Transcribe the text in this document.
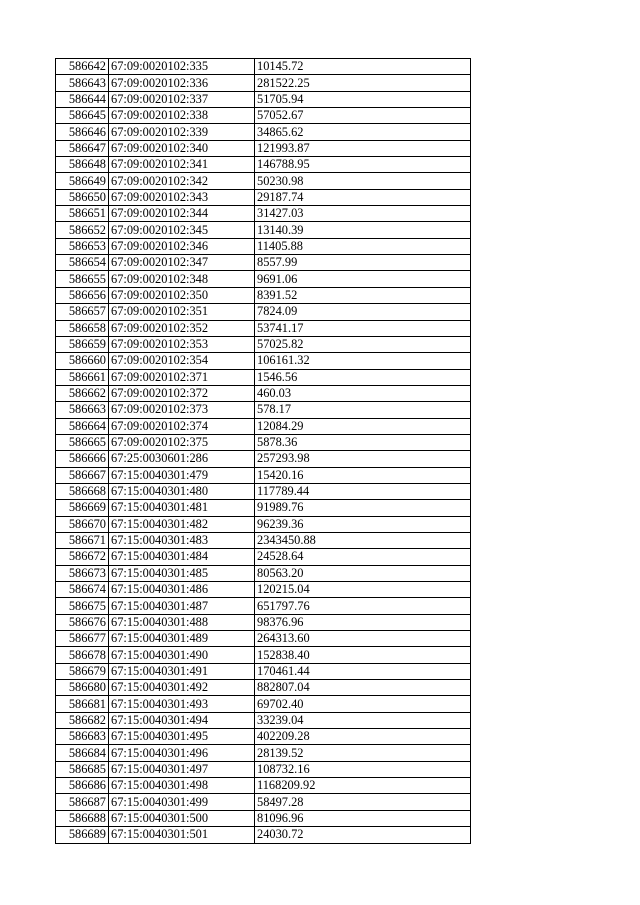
586642	67:09:0020102:335	10145.72
586643	67:09:0020102:336	281522.25
586644	67:09:0020102:337	51705.94
586645	67:09:0020102:338	57052.67
586646	67:09:0020102:339	34865.62
586647	67:09:0020102:340	121993.87
586648	67:09:0020102:341	146788.95
586649	67:09:0020102:342	50230.98
586650	67:09:0020102:343	29187.74
586651	67:09:0020102:344	31427.03
586652	67:09:0020102:345	13140.39
586653	67:09:0020102:346	11405.88
586654	67:09:0020102:347	8557.99
586655	67:09:0020102:348	9691.06
586656	67:09:0020102:350	8391.52
586657	67:09:0020102:351	7824.09
586658	67:09:0020102:352	53741.17
586659	67:09:0020102:353	57025.82
586660	67:09:0020102:354	106161.32
586661	67:09:0020102:371	1546.56
586662	67:09:0020102:372	460.03
586663	67:09:0020102:373	578.17
586664	67:09:0020102:374	12084.29
586665	67:09:0020102:375	5878.36
586666	67:25:0030601:286	257293.98
586667	67:15:0040301:479	15420.16
586668	67:15:0040301:480	117789.44
586669	67:15:0040301:481	91989.76
586670	67:15:0040301:482	96239.36
586671	67:15:0040301:483	2343450.88
586672	67:15:0040301:484	24528.64
586673	67:15:0040301:485	80563.20
586674	67:15:0040301:486	120215.04
586675	67:15:0040301:487	651797.76
586676	67:15:0040301:488	98376.96
586677	67:15:0040301:489	264313.60
586678	67:15:0040301:490	152838.40
586679	67:15:0040301:491	170461.44
586680	67:15:0040301:492	882807.04
586681	67:15:0040301:493	69702.40
586682	67:15:0040301:494	33239.04
586683	67:15:0040301:495	402209.28
586684	67:15:0040301:496	28139.52
586685	67:15:0040301:497	108732.16
586686	67:15:0040301:498	1168209.92
586687	67:15:0040301:499	58497.28
586688	67:15:0040301:500	81096.96
586689	67:15:0040301:501	24030.72
